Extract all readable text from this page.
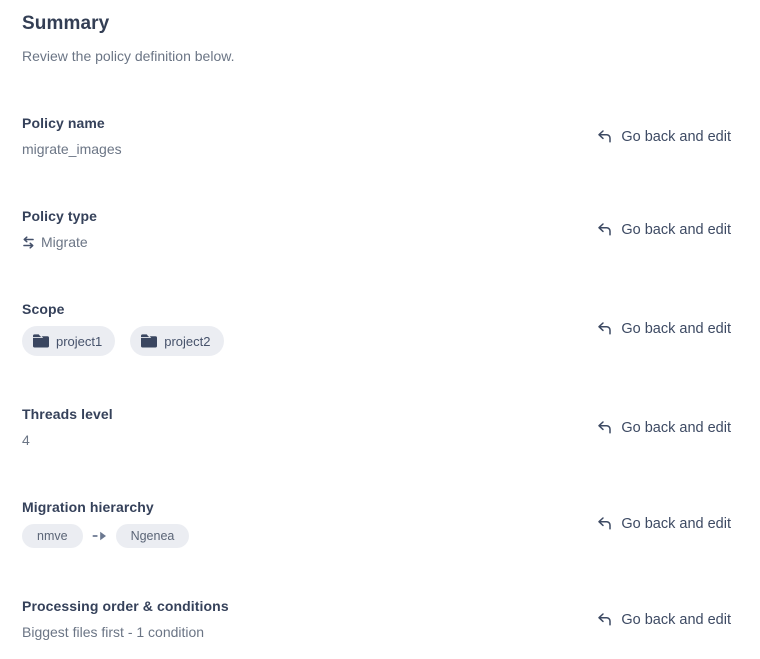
Summary

Review the policy definition below.

Policy name
migrate_images
Go back and edit
Policy type
Migrate
Go back and edit
Scope
project1	project2
Go back and edit
Threads level
4
Go back and edit
Migration hierarchy
nmve	Ngenea
Go back and edit
Processing order & conditions
Biggest files first - 1 condition
Go back and edit
